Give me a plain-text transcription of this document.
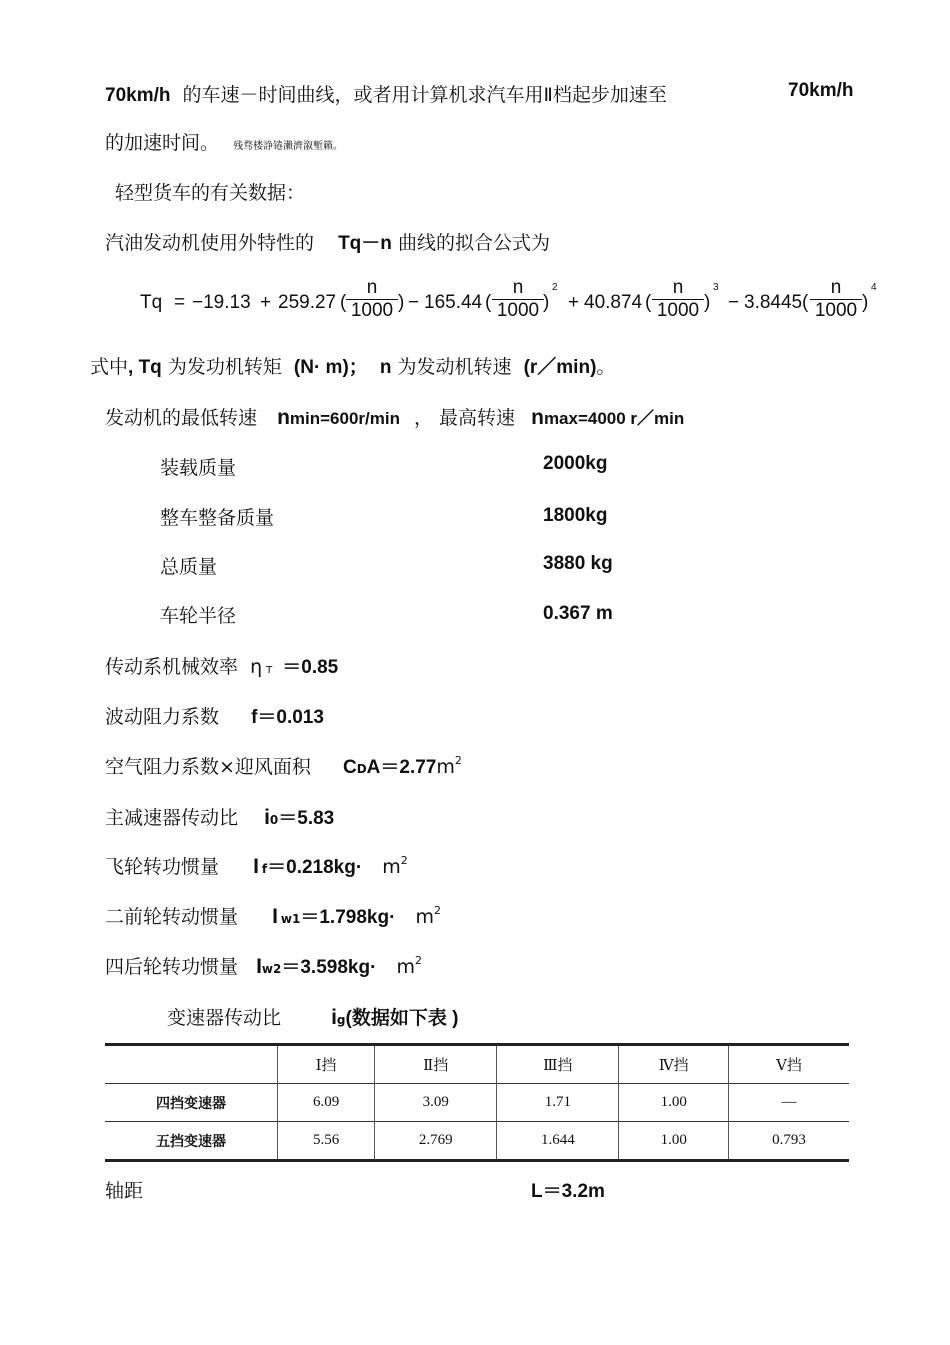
70km/h 的车速－时间曲线，或者用计算机求汽车用Ⅱ档起步加速至	70km/h
的加速时间。 残骛楼諍锩瀨濟溆塹籟。
轻型货车的有关数据：
汽油发动机使用外特性的 Tq－n 曲线的拟合公式为
Tq = −19.13 + 259.27 (
n
1000 ) − 165.44 (
n
1000 )
2
+ 40.874 (
n
1000 )
3
− 3.8445 (
n
1000 )
4
式中, Tq 为发功机转矩 (N· m)； n 为发动机转速 (r／min)。
发动机的最低转速 nmin=600r/min ， 最高转速 nmax=4000 r／min
装载质量	2000kg
整车整备质量	1800kg
总质量	3880 kg
车轮半径	0.367 m
传动系机械效率 η T ＝0.85
波动阻力系数 f＝0.013
空气阻力系数×迎风面积 $CDA=2.77m^2$
主减速器传动比 i0＝5.83
飞轮转功惯量 I $f=0.218kg\cdot m^2$
二前轮转动惯量 I $w1=1.798kg\cdot m^2$
四后轮转功惯量 $Iw2=3.598kg\cdot m^2$
变速器传动比 ig(数据如下表 )
	Ⅰ挡	Ⅱ挡	Ⅲ挡	Ⅳ挡	Ⅴ挡
四挡变速器	6.09	3.09	1.71	1.00	—
五挡变速器	5.56	2.769	1.644	1.00	0.793
轴距	L＝3.2m
